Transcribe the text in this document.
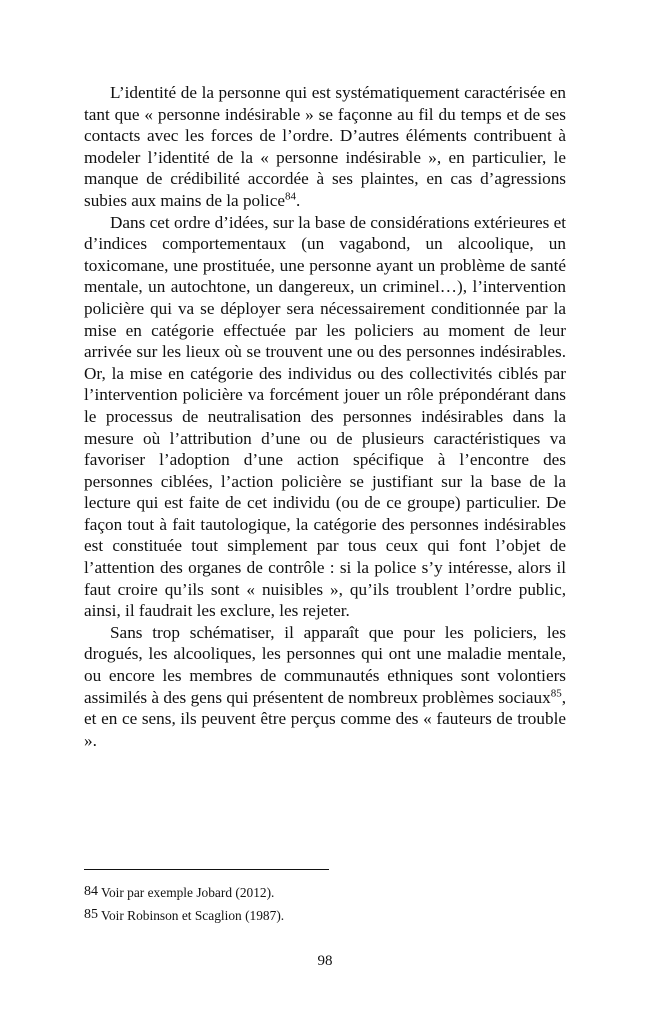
L’identité de la personne qui est systématiquement caractérisée en tant que « personne indésirable » se façonne au fil du temps et de ses contacts avec les forces de l’ordre. D’autres éléments contribuent à modeler l’identité de la « personne indésirable », en particulier, le manque de crédibilité accordée à ses plaintes, en cas d’agressions subies aux mains de la police$^{84}$.

Dans cet ordre d’idées, sur la base de considérations extérieures et d’indices comportementaux (un vagabond, un alcoolique, un toxicomane, une prostituée, une personne ayant un problème de santé mentale, un autochtone, un dangereux, un criminel…), l’intervention policière qui va se déployer sera nécessairement conditionnée par la mise en catégorie effectuée par les policiers au moment de leur arrivée sur les lieux où se trouvent une ou des personnes indésirables. Or, la mise en catégorie des individus ou des collectivités ciblés par l’intervention policière va forcément jouer un rôle prépondérant dans le processus de neutralisation des personnes indésirables dans la mesure où l’attribution d’une ou de plusieurs caractéristiques va favoriser l’adoption d’une action spécifique à l’encontre des personnes ciblées, l’action policière se justifiant sur la base de la lecture qui est faite de cet individu (ou de ce groupe) particulier. De façon tout à fait tautologique, la catégorie des personnes indésirables est constituée tout simplement par tous ceux qui font l’objet de l’attention des organes de contrôle : si la police s’y intéresse, alors il faut croire qu’ils sont « nuisibles », qu’ils troublent l’ordre public, ainsi, il faudrait les exclure, les rejeter.

Sans trop schématiser, il apparaît que pour les policiers, les drogués, les alcooliques, les personnes qui ont une maladie mentale, ou encore les membres de communautés ethniques sont volontiers assimilés à des gens qui présentent de nombreux problèmes sociaux$^{85}$, et en ce sens, ils peuvent être perçus comme des « fauteurs de trouble ».

84 Voir par exemple Jobard (2012).

85 Voir Robinson et Scaglion (1987).

98
